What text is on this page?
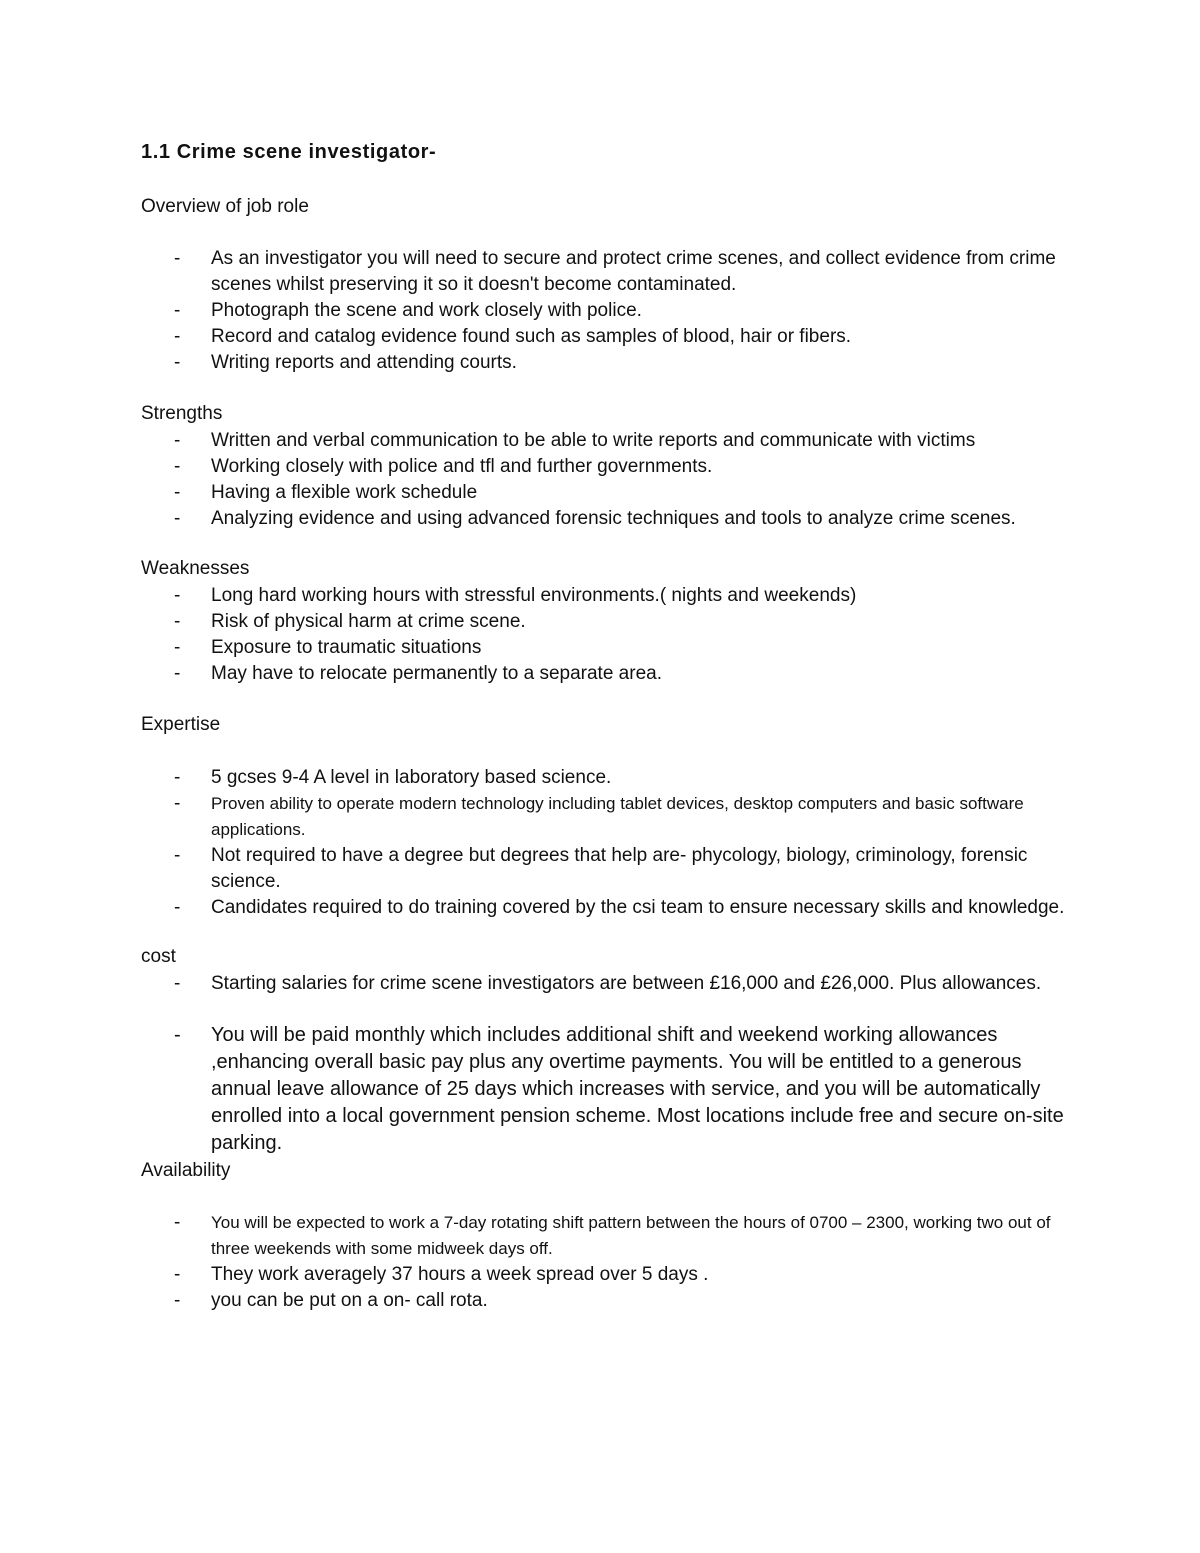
1.1 Crime scene investigator-
Overview of job role
- As an investigator you will need to secure and protect crime scenes, and collect evidence from crime scenes whilst preserving it so it doesn't become contaminated.
- Photograph the scene and work closely with police.
- Record and catalog evidence found such as samples of blood, hair or fibers.
- Writing reports and attending courts.
Strengths
- Written and verbal communication to be able to write reports and communicate with victims
- Working closely with police and tfl and further governments.
- Having a flexible work schedule
- Analyzing evidence and using advanced forensic techniques and tools to analyze crime scenes.
Weaknesses
- Long hard working hours with stressful environments.( nights and weekends)
- Risk of physical harm at crime scene.
- Exposure to traumatic situations
- May have to relocate permanently to a separate area.
Expertise
- 5 gcses 9-4 A level in laboratory based science.
- Proven ability to operate modern technology including tablet devices, desktop computers and basic software applications.
- Not required to have a degree but degrees that help are- phycology, biology, criminology, forensic science.
- Candidates required to do training covered by the csi team to ensure necessary skills and knowledge.
cost
- Starting salaries for crime scene investigators are between £16,000 and £26,000. Plus allowances.
- You will be paid monthly which includes additional shift and weekend working allowances ,enhancing overall basic pay plus any overtime payments. You will be entitled to a generous annual leave allowance of 25 days which increases with service, and you will be automatically enrolled into a local government pension scheme. Most locations include free and secure on-site parking.
Availability
- You will be expected to work a 7-day rotating shift pattern between the hours of 0700 – 2300, working two out of three weekends with some midweek days off.
- They work averagely 37 hours a week spread over 5 days .
- you can be put on a on- call rota.
